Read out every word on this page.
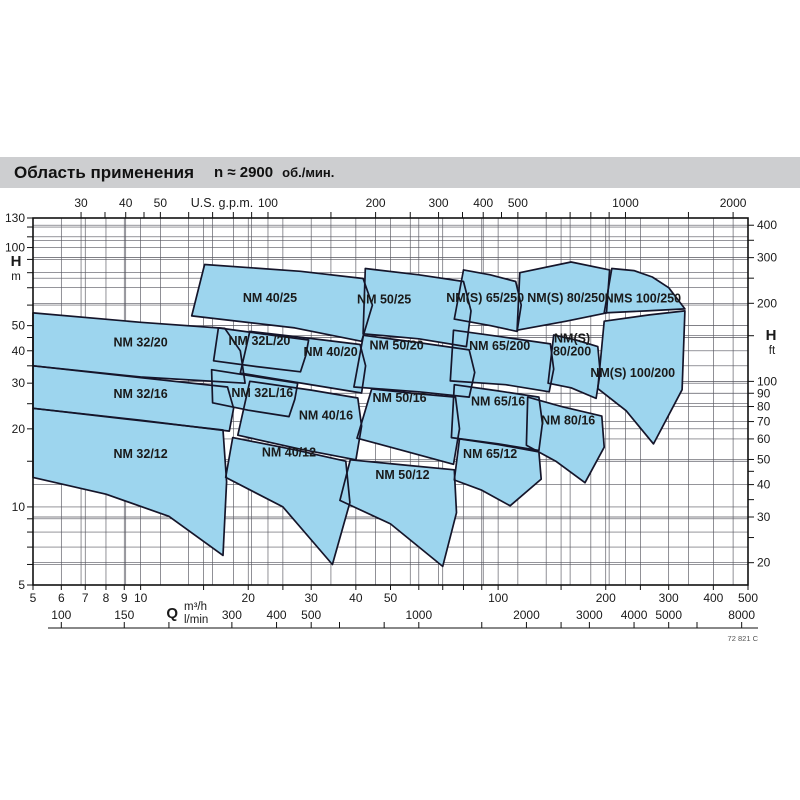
Область применения n ≈ 2900 об./мин.
NM 32/12
NM 32/16
NM 32/20
NM 32L/16
NM 32L/20
NM 40/12
NM 40/16
NM 40/20
NM 40/25
NM 50/12
NM 50/16
NM 50/20
NM 50/25
NM 65/12
NM 65/16
NM 65/200
NM(S) 65/250
NM 80/16
NM(S)
80/200
NM(S) 80/250 NMS 100/250
NM(S) 100/200
30	40 50	100	200	300 400 500	1000	2000
U.S. g.p.m.
5 6 7 8 9 10	20	30	40 50	100	200	300 400 500
Q m³/h
l/min
100	150	300 400 500	1000	2000	3000 4000 5000	8000
130
100
50
40
30
20
10
5
H
m
400
300
200
100
90
80
70
60
50
40
30
20
H
ft
72 821 C
